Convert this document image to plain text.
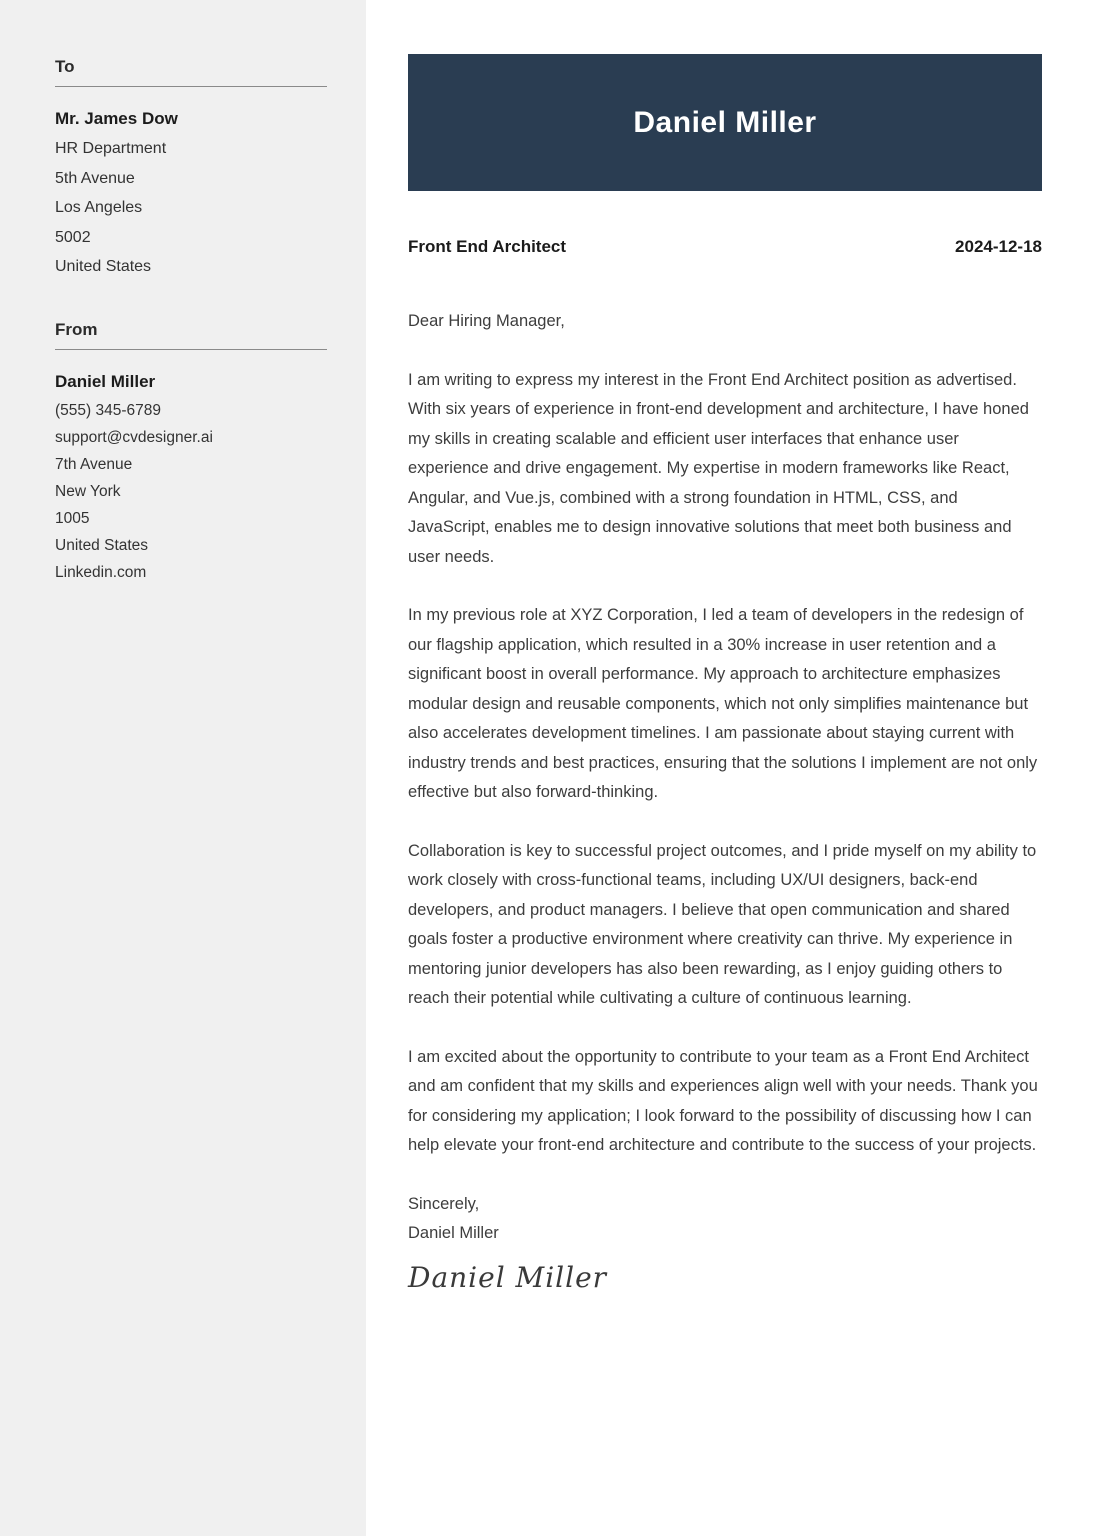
To
Mr. James Dow
HR Department
5th Avenue
Los Angeles
5002
United States
From
Daniel Miller
(555) 345-6789
support@cvdesigner.ai
7th Avenue
New York
1005
United States
Linkedin.com
Daniel Miller
Front End Architect	2024-12-18
Dear Hiring Manager,

I am writing to express my interest in the Front End Architect position as advertised. With six years of experience in front-end development and architecture, I have honed my skills in creating scalable and efficient user interfaces that enhance user experience and drive engagement. My expertise in modern frameworks like React, Angular, and Vue.js, combined with a strong foundation in HTML, CSS, and JavaScript, enables me to design innovative solutions that meet both business and user needs.

In my previous role at XYZ Corporation, I led a team of developers in the redesign of our flagship application, which resulted in a 30% increase in user retention and a significant boost in overall performance. My approach to architecture emphasizes modular design and reusable components, which not only simplifies maintenance but also accelerates development timelines. I am passionate about staying current with industry trends and best practices, ensuring that the solutions I implement are not only effective but also forward-thinking.

Collaboration is key to successful project outcomes, and I pride myself on my ability to work closely with cross-functional teams, including UX/UI designers, back-end developers, and product managers. I believe that open communication and shared goals foster a productive environment where creativity can thrive. My experience in mentoring junior developers has also been rewarding, as I enjoy guiding others to reach their potential while cultivating a culture of continuous learning.

I am excited about the opportunity to contribute to your team as a Front End Architect and am confident that my skills and experiences align well with your needs. Thank you for considering my application; I look forward to the possibility of discussing how I can help elevate your front-end architecture and contribute to the success of your projects.

Sincerely,
Daniel Miller
Daniel Miller
